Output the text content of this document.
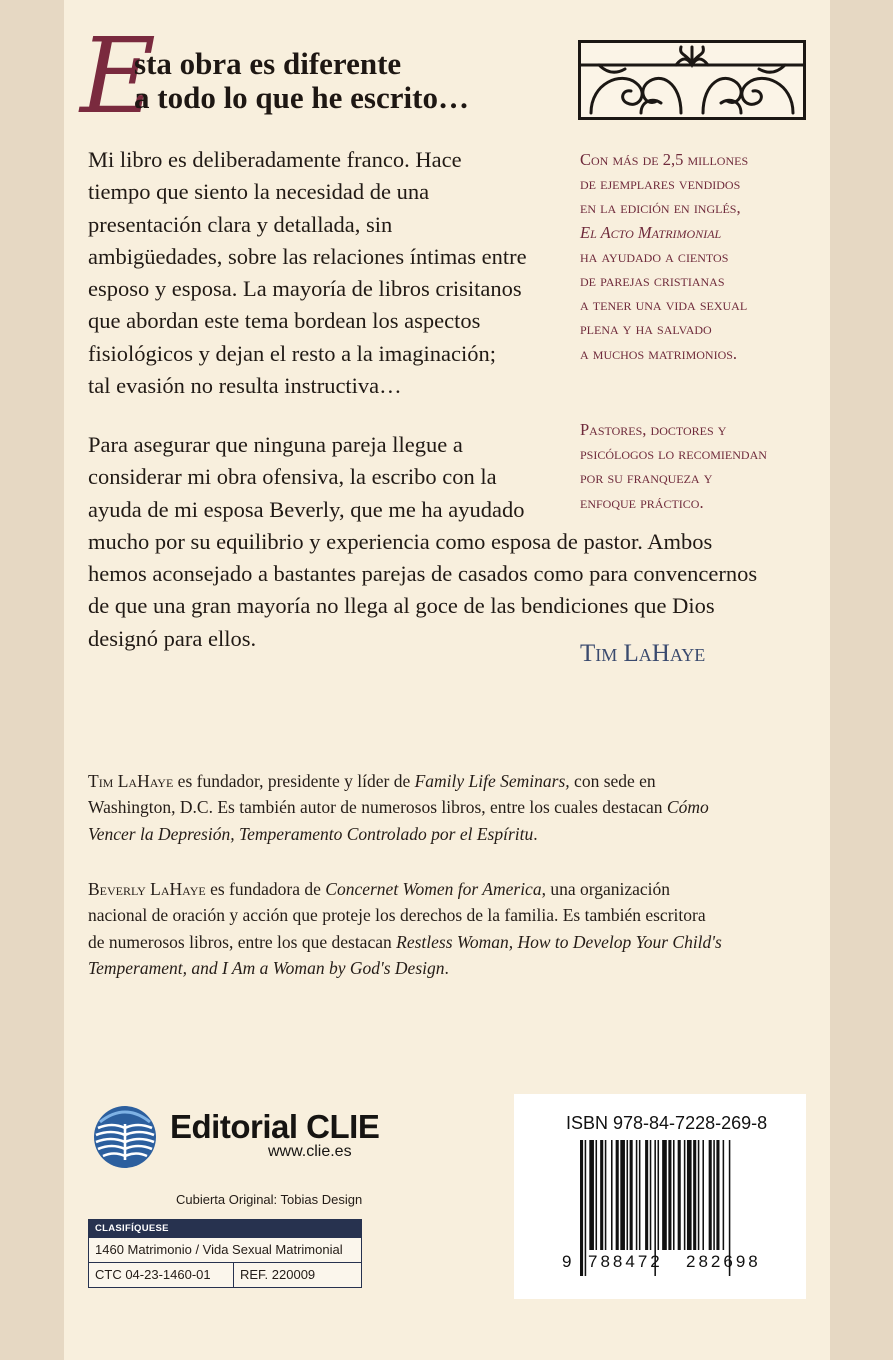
E
sta obra es diferente
a todo lo que he escrito…
Mi libro es deliberadamente franco. Hace
tiempo que siento la necesidad de una
presentación clara y detallada, sin
ambigüedades, sobre las relaciones íntimas entre
esposo y esposa. La mayoría de libros crisitanos
que abordan este tema bordean los aspectos
fisiológicos y dejan el resto a la imaginación;
tal evasión no resulta instructiva…
Para asegurar que ninguna pareja llegue a
considerar mi obra ofensiva, la escribo con la
ayuda de mi esposa Beverly, que me ha ayudado
mucho por su equilibrio y experiencia como esposa de pastor. Ambos
hemos aconsejado a bastantes parejas de casados como para convencernos
de que una gran mayoría no llega al goce de las bendiciones que Dios
designó para ellos.
Con más de 2,5 millones
de ejemplares vendidos
en la edición en inglés,
El Acto Matrimonial
ha ayudado a cientos
de parejas cristianas
a tener una vida sexual
plena y ha salvado
a muchos matrimonios.
Pastores, doctores y
psicólogos lo recomiendan
por su franqueza y
enfoque práctico.
Tim LaHaye
Tim LaHaye es fundador, presidente y líder de Family Life Seminars, con sede en
Washington, D.C. Es también autor de numerosos libros, entre los cuales destacan Cómo
Vencer la Depresión, Temperamento Controlado por el Espíritu.
Beverly LaHaye es fundadora de Concernet Women for America, una organización
nacional de oración y acción que proteje los derechos de la familia. Es también escritora
de numerosos libros, entre los que destacan Restless Woman, How to Develop Your Child's
Temperament, and I Am a Woman by God's Design.
Editorial CLIE
www.clie.es
Cubierta Original: Tobias Design
CLASIFÍQUESE
1460 Matrimonio / Vida Sexual Matrimonial
CTC 04-23-1460-01	REF. 220009
ISBN 978-84-7228-269-8
9 788472 282698
